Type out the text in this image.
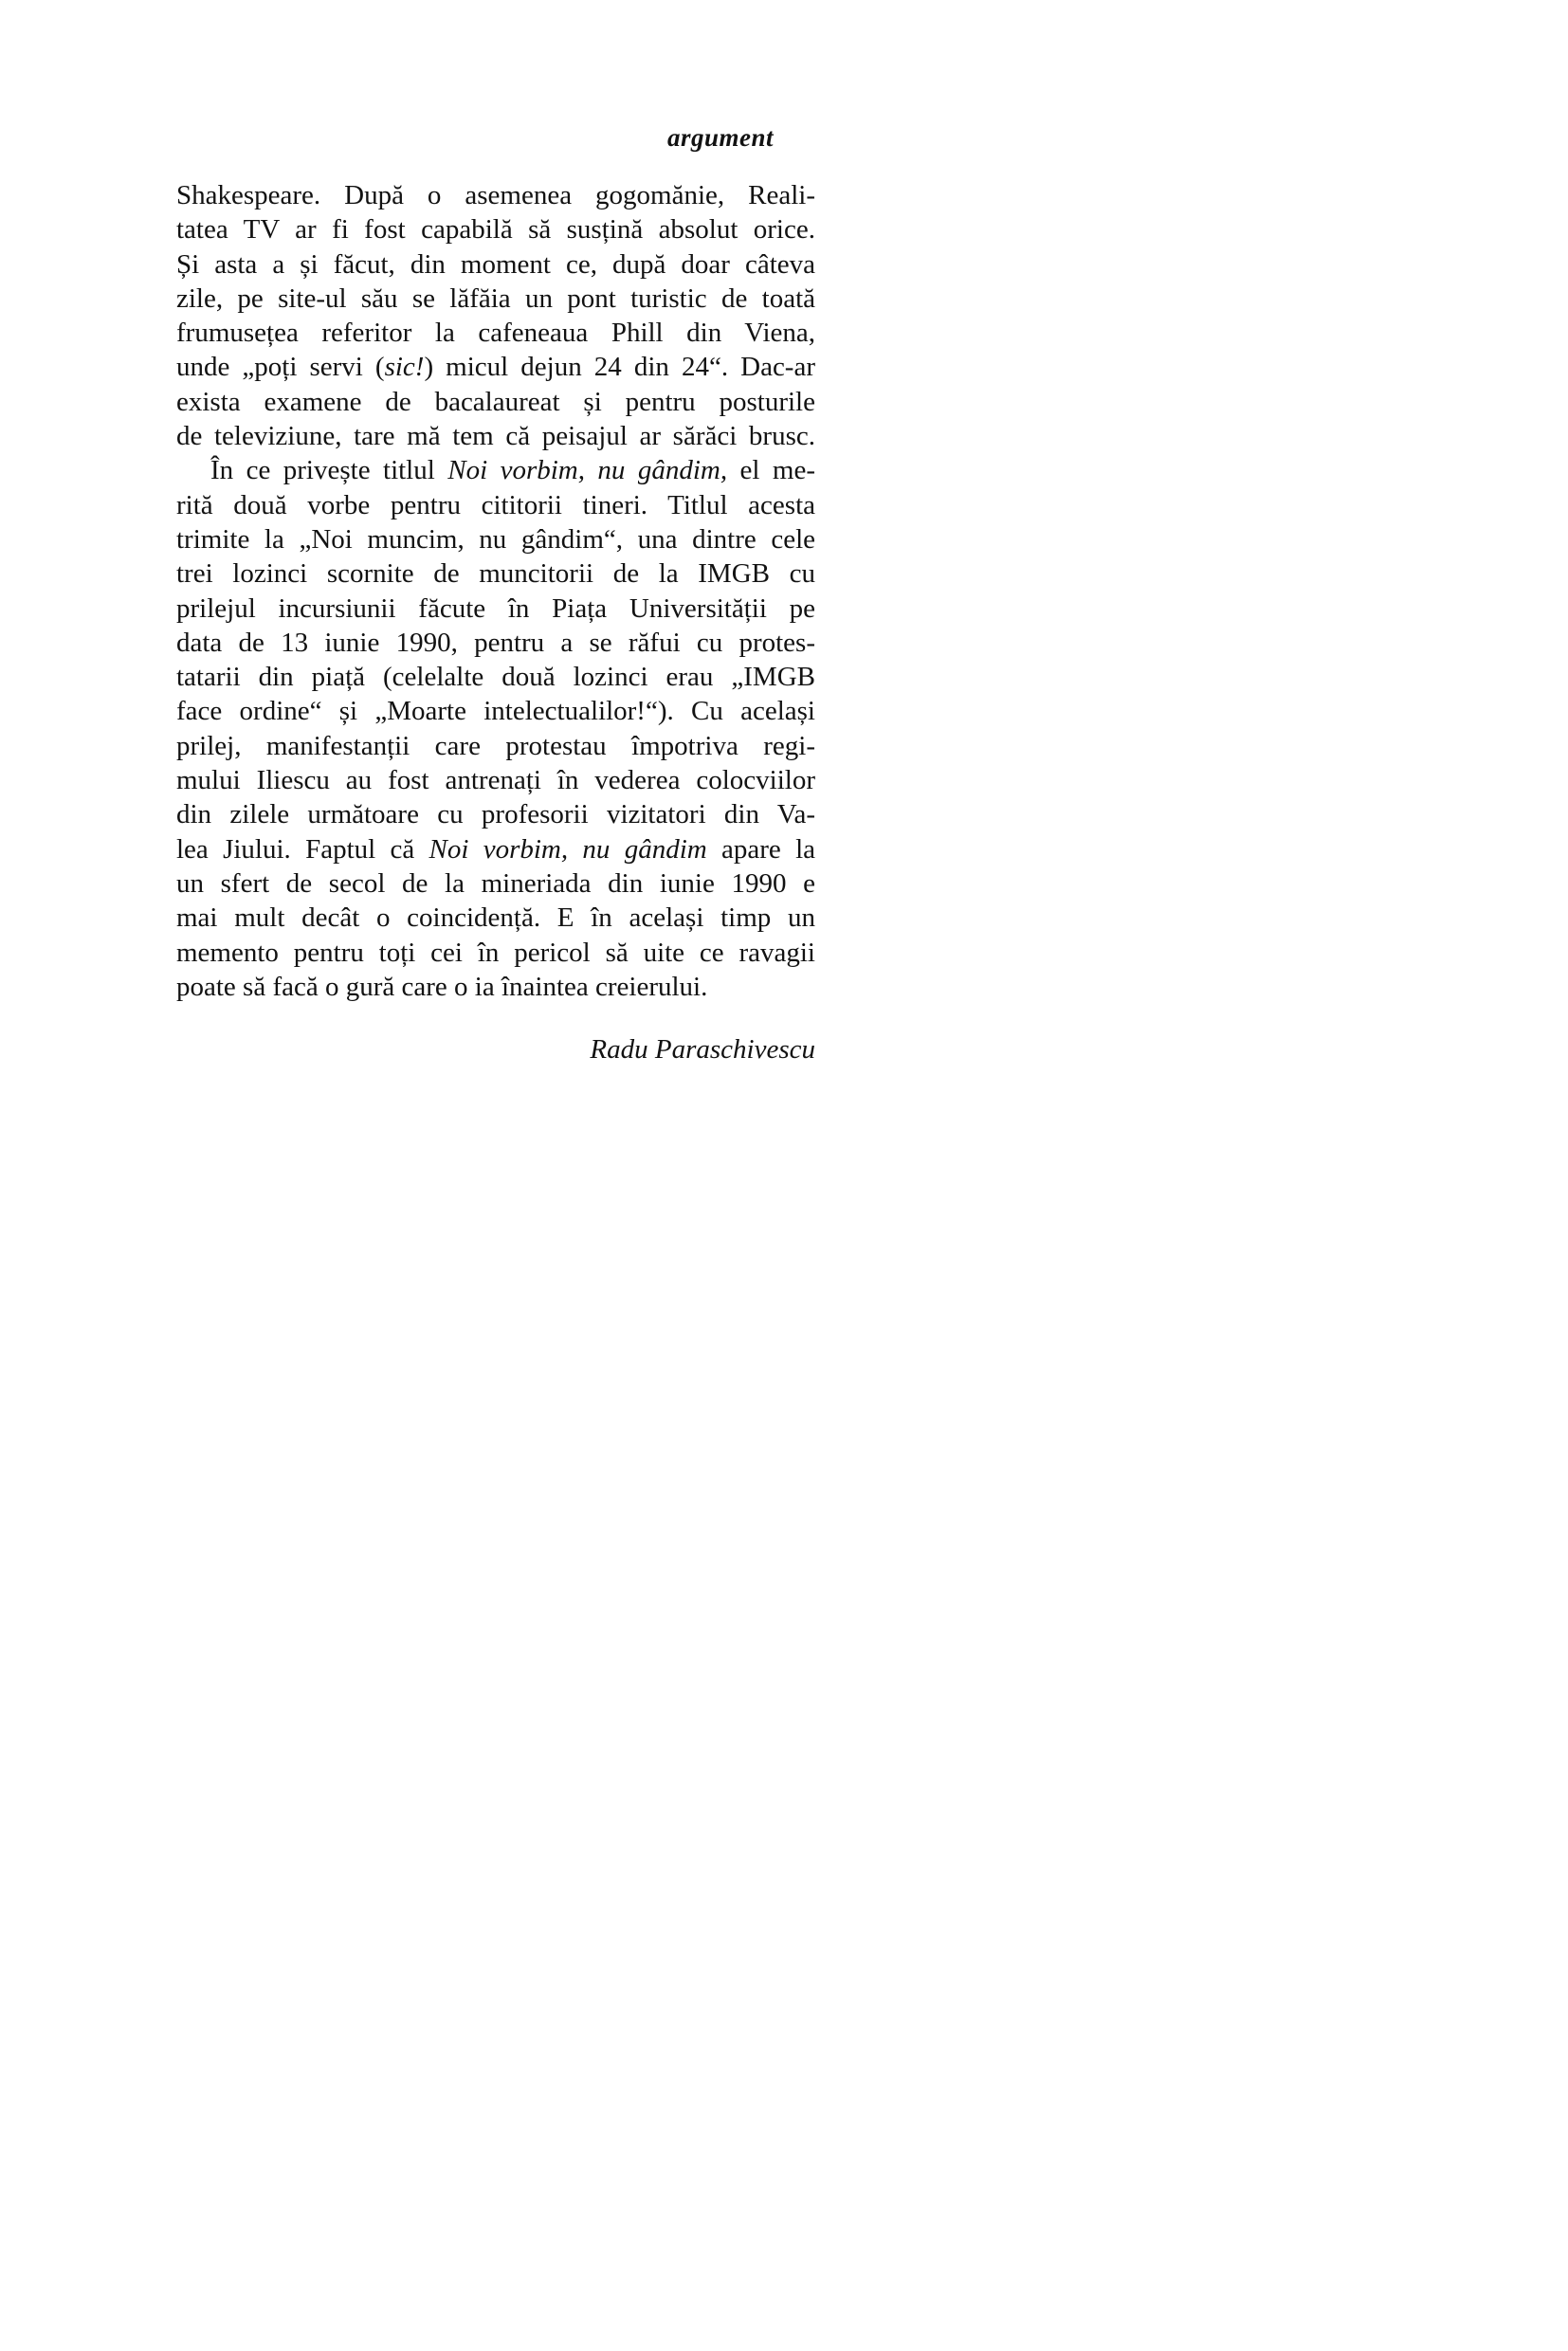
argument
Shakespeare. După o asemenea gogomănie, Reali-
tatea TV ar fi fost capabilă să susțină absolut orice.
Și asta a și făcut, din moment ce, după doar câteva
zile, pe site-ul său se lăfăia un pont turistic de toată
frumusețea referitor la cafeneaua Phill din Viena,
unde „poți servi (sic!) micul dejun 24 din 24“. Dac-ar
exista examene de bacalaureat și pentru posturile
de televiziune, tare mă tem că peisajul ar sărăci brusc.
În ce privește titlul Noi vorbim, nu gândim, el me-
rită două vorbe pentru cititorii tineri. Titlul acesta
trimite la „Noi muncim, nu gândim“, una dintre cele
trei lozinci scornite de muncitorii de la IMGB cu
prilejul incursiunii făcute în Piața Universității pe
data de 13 iunie 1990, pentru a se răfui cu protes-
tatarii din piață (celelalte două lozinci erau „IMGB
face ordine“ și „Moarte intelectualilor!“). Cu același
prilej, manifestanții care protestau împotriva regi-
mului Iliescu au fost antrenați în vederea colocviilor
din zilele următoare cu profesorii vizitatori din Va-
lea Jiului. Faptul că Noi vorbim, nu gândim apare la
un sfert de secol de la mineriada din iunie 1990 e
mai mult decât o coincidență. E în același timp un
memento pentru toți cei în pericol să uite ce ravagii
poate să facă o gură care o ia înaintea creierului.
Radu Paraschivescu
